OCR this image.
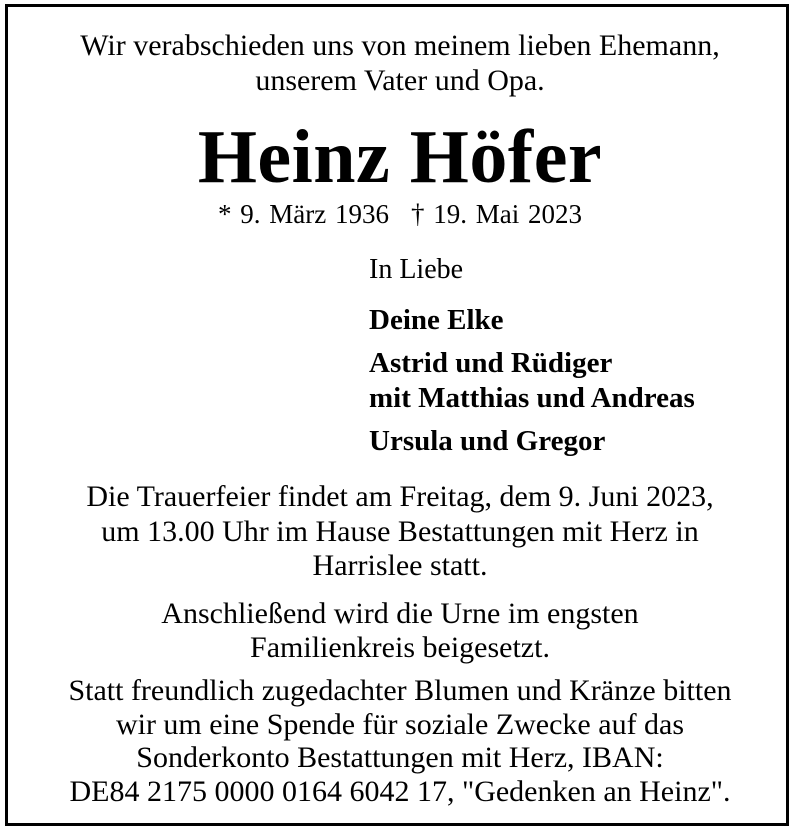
Wir verabschieden uns von meinem lieben Ehemann,
unserem Vater und Opa.
Heinz Höfer
* 9. März 1936 † 19. Mai 2023
In Liebe
Deine Elke
Astrid und Rüdiger
mit Matthias und Andreas
Ursula und Gregor
Die Trauerfeier findet am Freitag, dem 9. Juni 2023,
um 13.00 Uhr im Hause Bestattungen mit Herz in
Harrislee statt.
Anschließend wird die Urne im engsten
Familienkreis beigesetzt.
Statt freundlich zugedachter Blumen und Kränze bitten
wir um eine Spende für soziale Zwecke auf das
Sonderkonto Bestattungen mit Herz, IBAN:
DE84 2175 0000 0164 6042 17, "Gedenken an Heinz".
